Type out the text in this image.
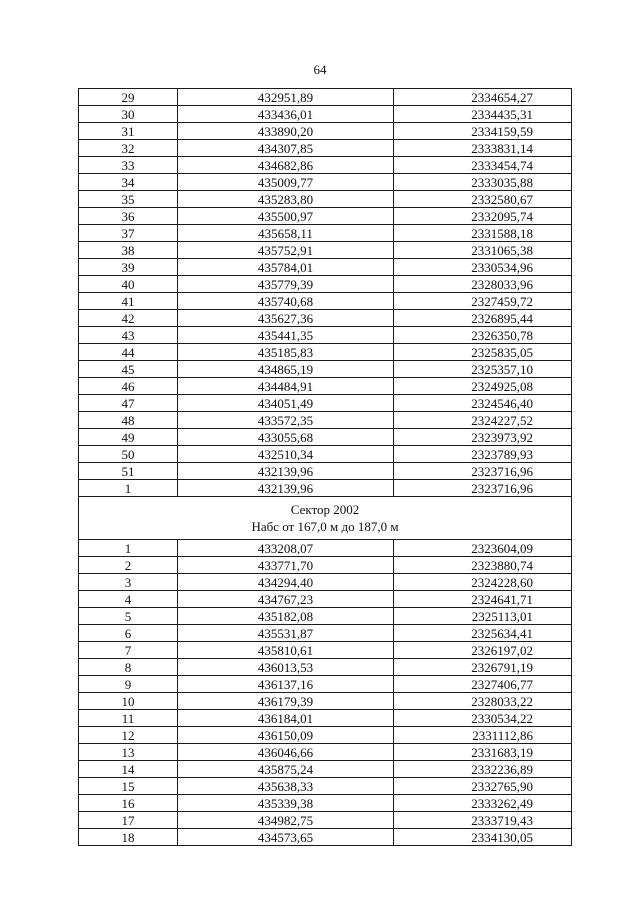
64
29	432951,89	2334654,27
30	433436,01	2334435,31
31	433890,20	2334159,59
32	434307,85	2333831,14
33	434682,86	2333454,74
34	435009,77	2333035,88
35	435283,80	2332580,67
36	435500,97	2332095,74
37	435658,11	2331588,18
38	435752,91	2331065,38
39	435784,01	2330534,96
40	435779,39	2328033,96
41	435740,68	2327459,72
42	435627,36	2326895,44
43	435441,35	2326350,78
44	435185,83	2325835,05
45	434865,19	2325357,10
46	434484,91	2324925,08
47	434051,49	2324546,40
48	433572,35	2324227,52
49	433055,68	2323973,92
50	432510,34	2323789,93
51	432139,96	2323716,96
1	432139,96	2323716,96

Сектор 2002
Набс от 167,0 м до 187,0 м		

1	433208,07	2323604,09
2	433771,70	2323880,74
3	434294,40	2324228,60
4	434767,23	2324641,71
5	435182,08	2325113,01
6	435531,87	2325634,41
7	435810,61	2326197,02
8	436013,53	2326791,19
9	436137,16	2327406,77
10	436179,39	2328033,22
11	436184,01	2330534,22
12	436150,09	2331112,86
13	436046,66	2331683,19
14	435875,24	2332236,89
15	435638,33	2332765,90
16	435339,38	2333262,49
17	434982,75	2333719,43
18	434573,65	2334130,05
